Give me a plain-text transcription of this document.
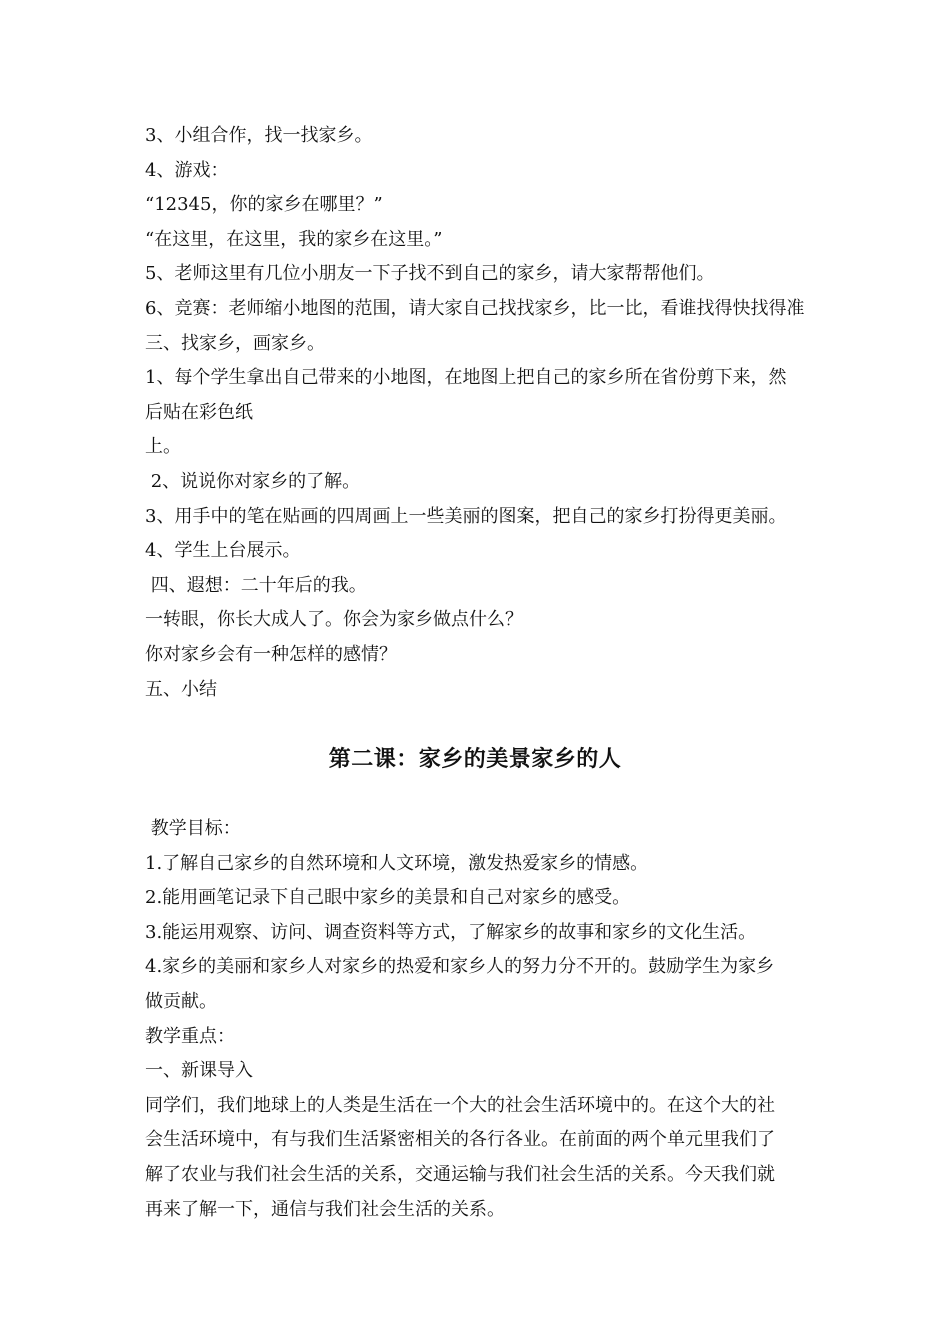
3、小组合作，找一找家乡。

4、游戏：

“12345，你的家乡在哪里？”

“在这里，在这里，我的家乡在这里。”

5、老师这里有几位小朋友一下子找不到自己的家乡，请大家帮帮他们。

6、竞赛：老师缩小地图的范围，请大家自己找找家乡，比一比，看谁找得快找得准

三、找家乡，画家乡。

1、每个学生拿出自己带来的小地图，在地图上把自己的家乡所在省份剪下来，然

后贴在彩色纸

上。

2、说说你对家乡的了解。

3、用手中的笔在贴画的四周画上一些美丽的图案，把自己的家乡打扮得更美丽。

4、学生上台展示。

四、遐想：二十年后的我。

一转眼，你长大成人了。你会为家乡做点什么？

你对家乡会有一种怎样的感情？

五、小结

第二课：家乡的美景家乡的人

教学目标：

1.了解自己家乡的自然环境和人文环境，激发热爱家乡的情感。

2.能用画笔记录下自己眼中家乡的美景和自己对家乡的感受。

3.能运用观察、访问、调查资料等方式，了解家乡的故事和家乡的文化生活。

4.家乡的美丽和家乡人对家乡的热爱和家乡人的努力分不开的。鼓励学生为家乡

做贡献。

教学重点：

一、新课导入

同学们，我们地球上的人类是生活在一个大的社会生活环境中的。在这个大的社

会生活环境中，有与我们生活紧密相关的各行各业。在前面的两个单元里我们了

解了农业与我们社会生活的关系，交通运输与我们社会生活的关系。今天我们就

再来了解一下，通信与我们社会生活的关系。
